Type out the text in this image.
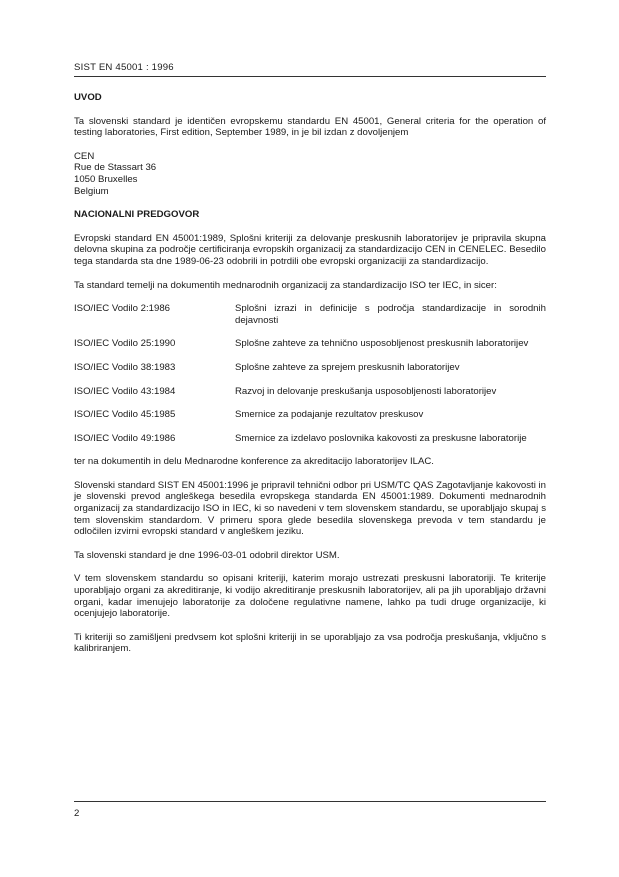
SIST EN 45001 : 1996
UVOD

Ta slovenski standard je identičen evropskemu standardu EN 45001, General criteria for the operation of testing laboratories, First edition, September 1989, in je bil izdan z dovoljenjem

CEN
Rue de Stassart 36
1050 Bruxelles
Belgium
NACIONALNI PREDGOVOR

Evropski standard EN 45001:1989, Splošni kriteriji za delovanje preskusnih laboratorijev je pripravila skupna delovna skupina za področje certificiranja evropskih organizacij za standardizacijo CEN in CENELEC. Besedilo tega standarda sta dne 1989-06-23 odobrili in potrdili obe evropski organizaciji za standardizacijo.

Ta standard temelji na dokumentih mednarodnih organizacij za standardizacijo ISO ter IEC, in sicer:

ISO/IEC Vodilo 2:1986	Splošni izrazi in definicije s področja standardizacije in sorodnih dejavnosti
ISO/IEC Vodilo 25:1990	Splošne zahteve za tehnično usposobljenost preskusnih laboratorijev
ISO/IEC Vodilo 38:1983	Splošne zahteve za sprejem preskusnih laboratorijev
ISO/IEC Vodilo 43:1984	Razvoj in delovanje preskušanja usposobljenosti laboratorijev
ISO/IEC Vodilo 45:1985	Smernice za podajanje rezultatov preskusov
ISO/IEC Vodilo 49:1986	Smernice za izdelavo poslovnika kakovosti za preskusne laboratorije

ter na dokumentih in delu Mednarodne konference za akreditacijo laboratorijev ILAC.

Slovenski standard SIST EN 45001:1996 je pripravil tehnični odbor pri USM/TC QAS Zagotavljanje kakovosti in je slovenski prevod angleškega besedila evropskega standarda EN 45001:1989. Dokumenti mednarodnih organizacij za standardizacijo ISO in IEC, ki so navedeni v tem slovenskem standardu, se uporabljajo skupaj s tem slovenskim standardom. V primeru spora glede besedila slovenskega prevoda v tem standardu je odločilen izvirni evropski standard v angleškem jeziku.

Ta slovenski standard je dne 1996-03-01 odobril direktor USM.

V tem slovenskem standardu so opisani kriteriji, katerim morajo ustrezati preskusni laboratoriji. Te kriterije uporabljajo organi za akreditiranje, ki vodijo akreditiranje preskusnih laboratorijev, ali pa jih uporabljajo državni organi, kadar imenujejo laboratorije za določene regulativne namene, lahko pa tudi druge organizacije, ki ocenjujejo laboratorije.

Ti kriteriji so zamišljeni predvsem kot splošni kriteriji in se uporabljajo za vsa področja preskušanja, vključno s kalibriranjem.

2
